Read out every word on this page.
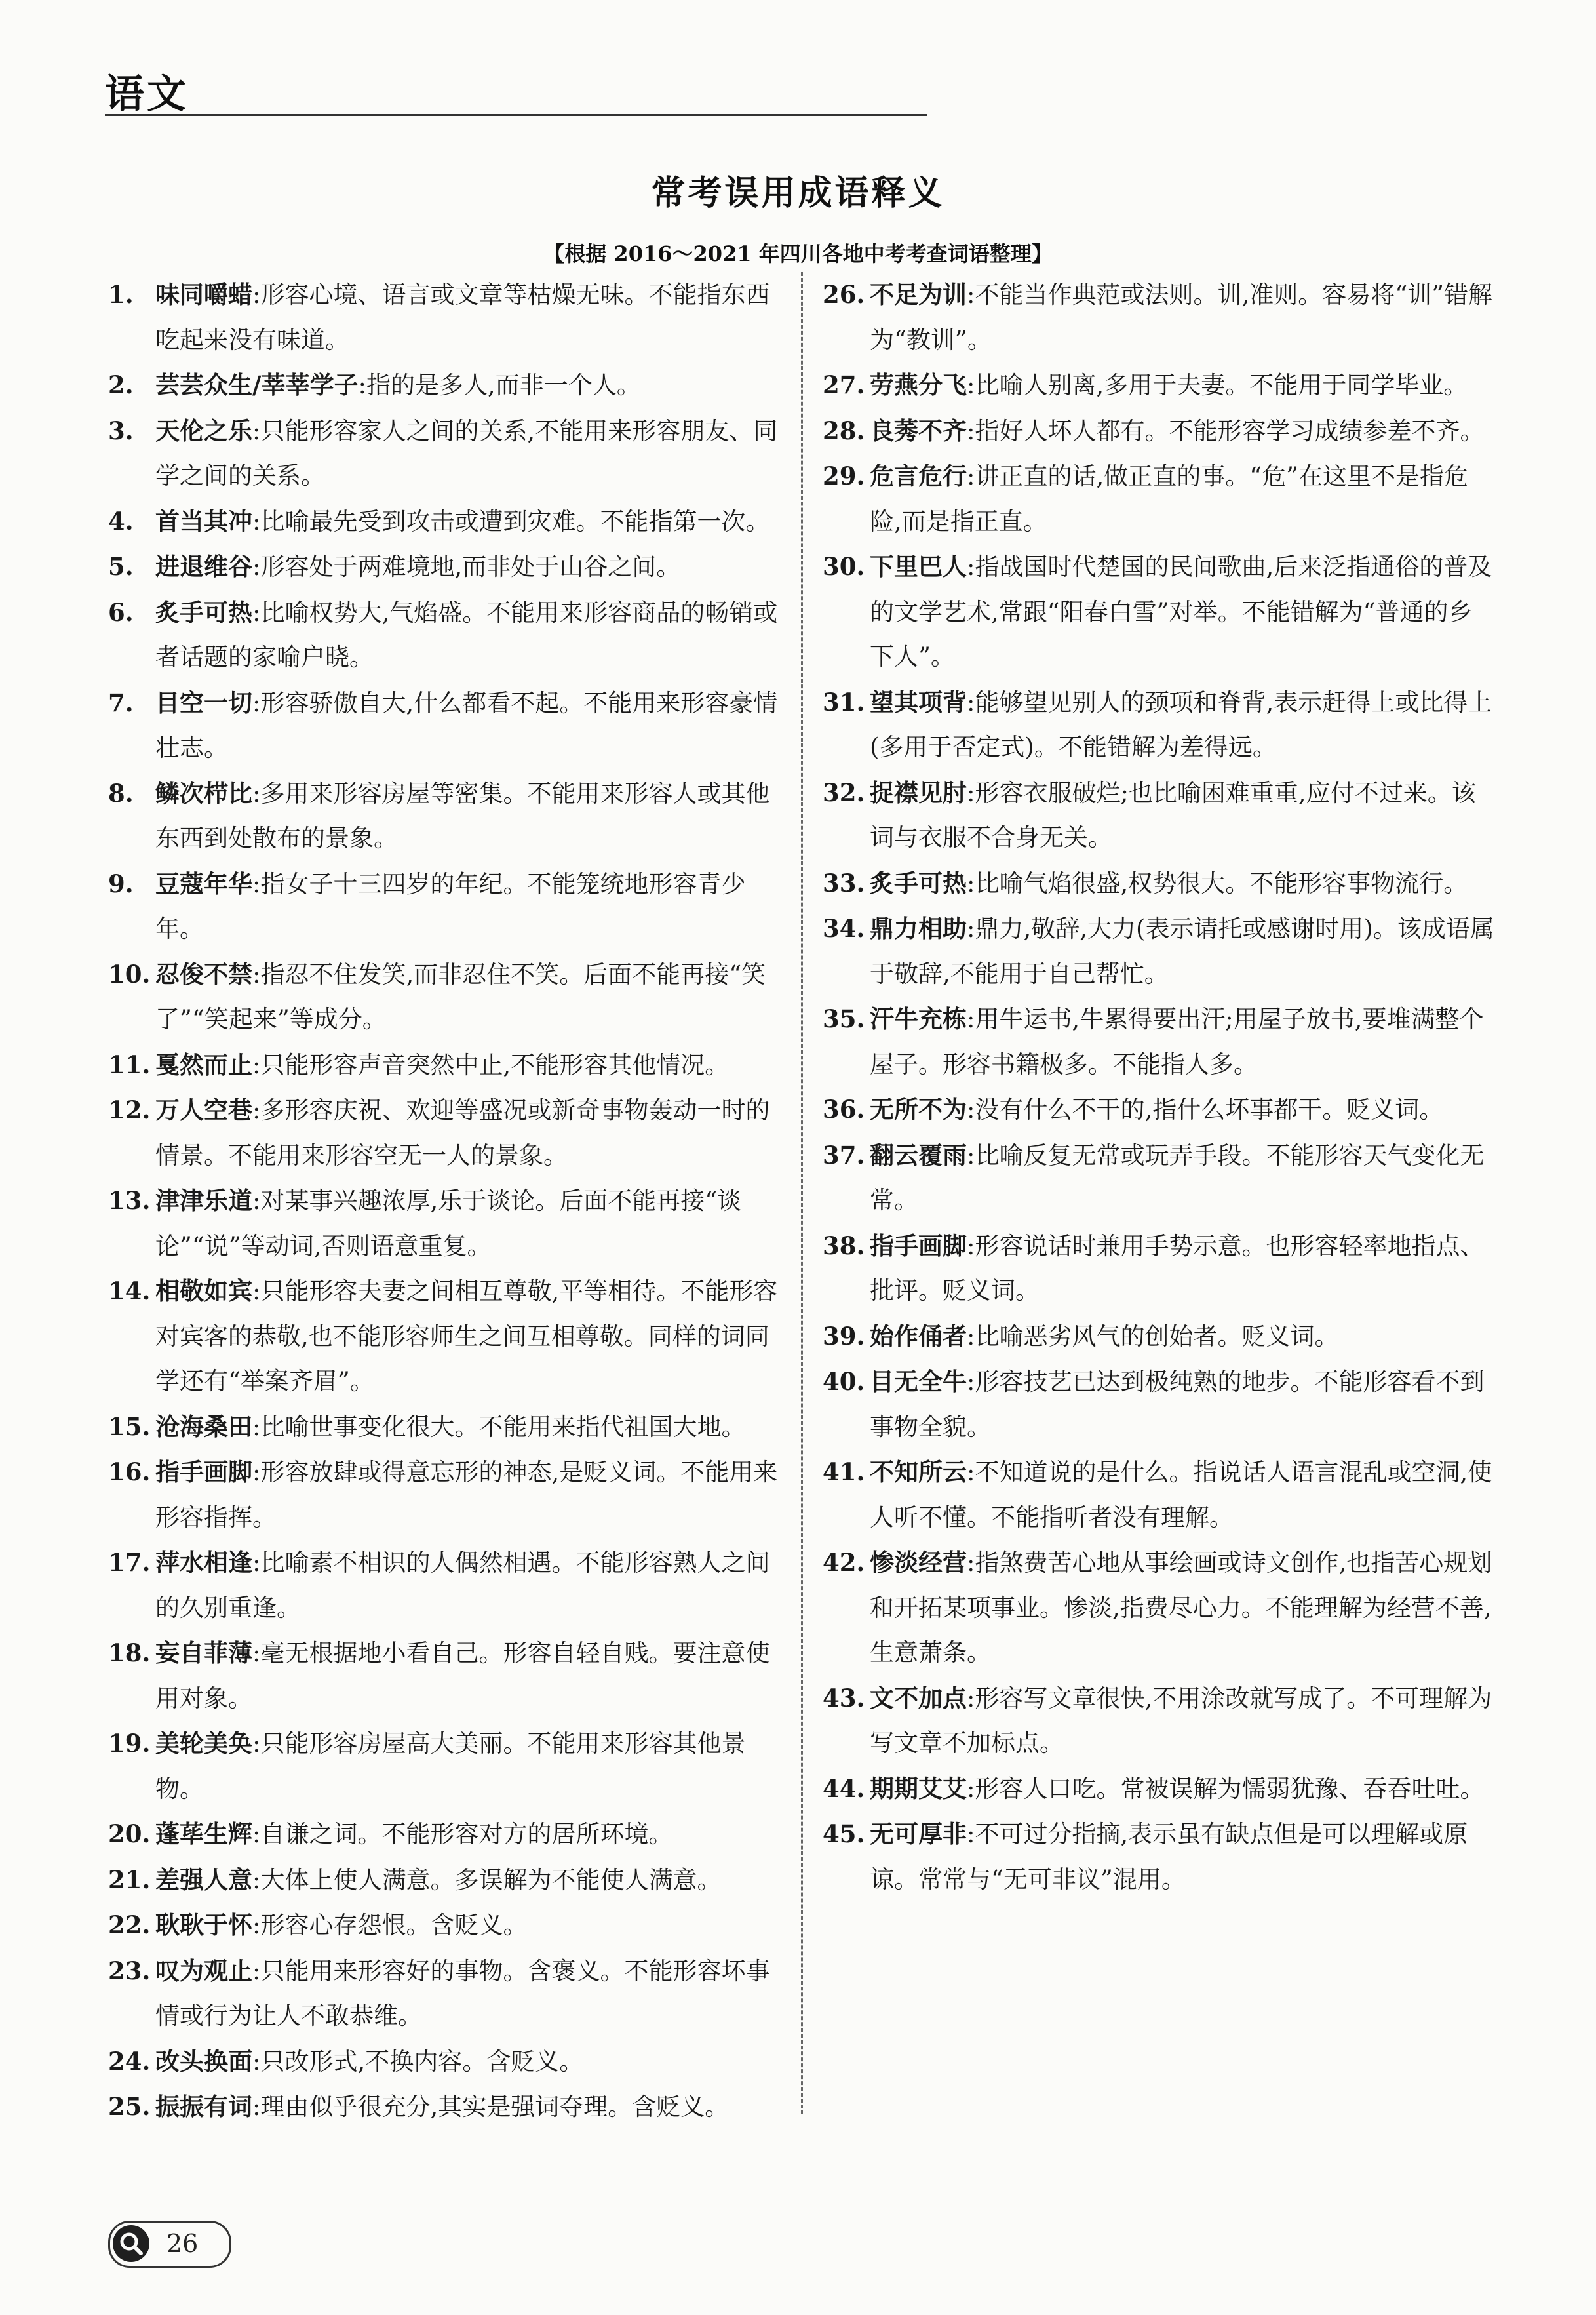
语文
常考误用成语释义
【根据 2016～2021 年四川各地中考考查词语整理】
1. 味同嚼蜡:形容心境、语言或文章等枯燥无味。不能指东西吃起来没有味道。
2. 芸芸众生/莘莘学子:指的是多人,而非一个人。
3. 天伦之乐:只能形容家人之间的关系,不能用来形容朋友、同学之间的关系。
4. 首当其冲:比喻最先受到攻击或遭到灾难。不能指第一次。
5. 进退维谷:形容处于两难境地,而非处于山谷之间。
6. 炙手可热:比喻权势大,气焰盛。不能用来形容商品的畅销或者话题的家喻户晓。
7. 目空一切:形容骄傲自大,什么都看不起。不能用来形容豪情壮志。
8. 鳞次栉比:多用来形容房屋等密集。不能用来形容人或其他东西到处散布的景象。
9. 豆蔻年华:指女子十三四岁的年纪。不能笼统地形容青少年。
10. 忍俊不禁:指忍不住发笑,而非忍住不笑。后面不能再接“笑了”“笑起来”等成分。
11. 戛然而止:只能形容声音突然中止,不能形容其他情况。
12. 万人空巷:多形容庆祝、欢迎等盛况或新奇事物轰动一时的情景。不能用来形容空无一人的景象。
13. 津津乐道:对某事兴趣浓厚,乐于谈论。后面不能再接“谈论”“说”等动词,否则语意重复。
14. 相敬如宾:只能形容夫妻之间相互尊敬,平等相待。不能形容对宾客的恭敬,也不能形容师生之间互相尊敬。同样的词同学还有“举案齐眉”。
15. 沧海桑田:比喻世事变化很大。不能用来指代祖国大地。
16. 指手画脚:形容放肆或得意忘形的神态,是贬义词。不能用来形容指挥。
17. 萍水相逢:比喻素不相识的人偶然相遇。不能形容熟人之间的久别重逢。
18. 妄自菲薄:毫无根据地小看自己。形容自轻自贱。要注意使用对象。
19. 美轮美奂:只能形容房屋高大美丽。不能用来形容其他景物。
20. 蓬荜生辉:自谦之词。不能形容对方的居所环境。
21. 差强人意:大体上使人满意。多误解为不能使人满意。
22. 耿耿于怀:形容心存怨恨。含贬义。
23. 叹为观止:只能用来形容好的事物。含褒义。不能形容坏事情或行为让人不敢恭维。
24. 改头换面:只改形式,不换内容。含贬义。
25. 振振有词:理由似乎很充分,其实是强词夺理。含贬义。
26. 不足为训:不能当作典范或法则。训,准则。容易将“训”错解为“教训”。
27. 劳燕分飞:比喻人别离,多用于夫妻。不能用于同学毕业。
28. 良莠不齐:指好人坏人都有。不能形容学习成绩参差不齐。
29. 危言危行:讲正直的话,做正直的事。“危”在这里不是指危险,而是指正直。
30. 下里巴人:指战国时代楚国的民间歌曲,后来泛指通俗的普及的文学艺术,常跟“阳春白雪”对举。不能错解为“普通的乡下人”。
31. 望其项背:能够望见别人的颈项和脊背,表示赶得上或比得上(多用于否定式)。不能错解为差得远。
32. 捉襟见肘:形容衣服破烂;也比喻困难重重,应付不过来。该词与衣服不合身无关。
33. 炙手可热:比喻气焰很盛,权势很大。不能形容事物流行。
34. 鼎力相助:鼎力,敬辞,大力(表示请托或感谢时用)。该成语属于敬辞,不能用于自己帮忙。
35. 汗牛充栋:用牛运书,牛累得要出汗;用屋子放书,要堆满整个屋子。形容书籍极多。不能指人多。
36. 无所不为:没有什么不干的,指什么坏事都干。贬义词。
37. 翻云覆雨:比喻反复无常或玩弄手段。不能形容天气变化无常。
38. 指手画脚:形容说话时兼用手势示意。也形容轻率地指点、批评。贬义词。
39. 始作俑者:比喻恶劣风气的创始者。贬义词。
40. 目无全牛:形容技艺已达到极纯熟的地步。不能形容看不到事物全貌。
41. 不知所云:不知道说的是什么。指说话人语言混乱或空洞,使人听不懂。不能指听者没有理解。
42. 惨淡经营:指煞费苦心地从事绘画或诗文创作,也指苦心规划和开拓某项事业。惨淡,指费尽心力。不能理解为经营不善,生意萧条。
43. 文不加点:形容写文章很快,不用涂改就写成了。不可理解为写文章不加标点。
44. 期期艾艾:形容人口吃。常被误解为懦弱犹豫、吞吞吐吐。
45. 无可厚非:不可过分指摘,表示虽有缺点但是可以理解或原谅。常常与“无可非议”混用。
26
